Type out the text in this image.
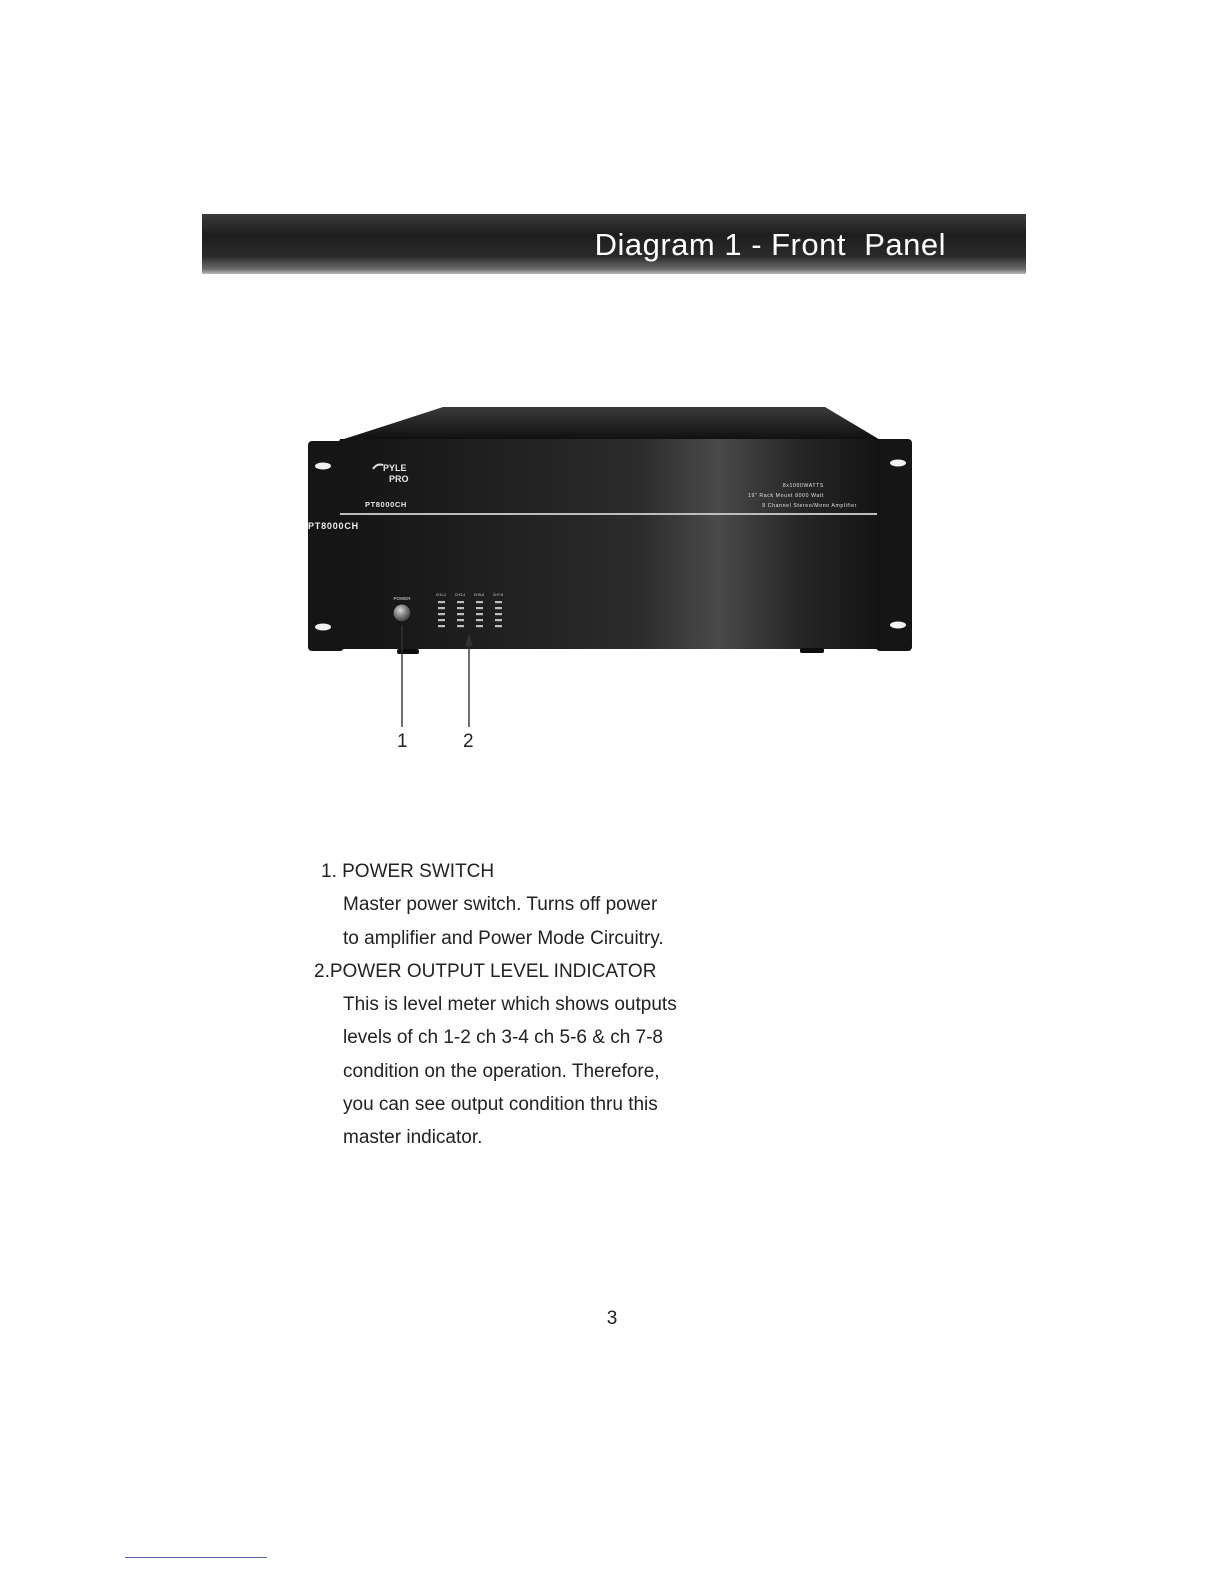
Diagram 1 - Front  Panel
PYLE
PRO
PT8000CH
PT8000CH
8x1000WATTS
19" Rack Mount 8000 Watt
8 Channel Stereo/Mono Amplifier
POWER
CH1-2 CH3-4 CH5-6 CH7-8
1	2
1. POWER SWITCH
Master power switch. Turns off power
to amplifier and Power Mode Circuitry.
2.POWER OUTPUT LEVEL INDICATOR
This is level meter which shows outputs
levels of ch 1-2 ch 3-4 ch 5-6 & ch 7-8
condition on the operation. Therefore,
you can see output condition thru this
master indicator.
3
